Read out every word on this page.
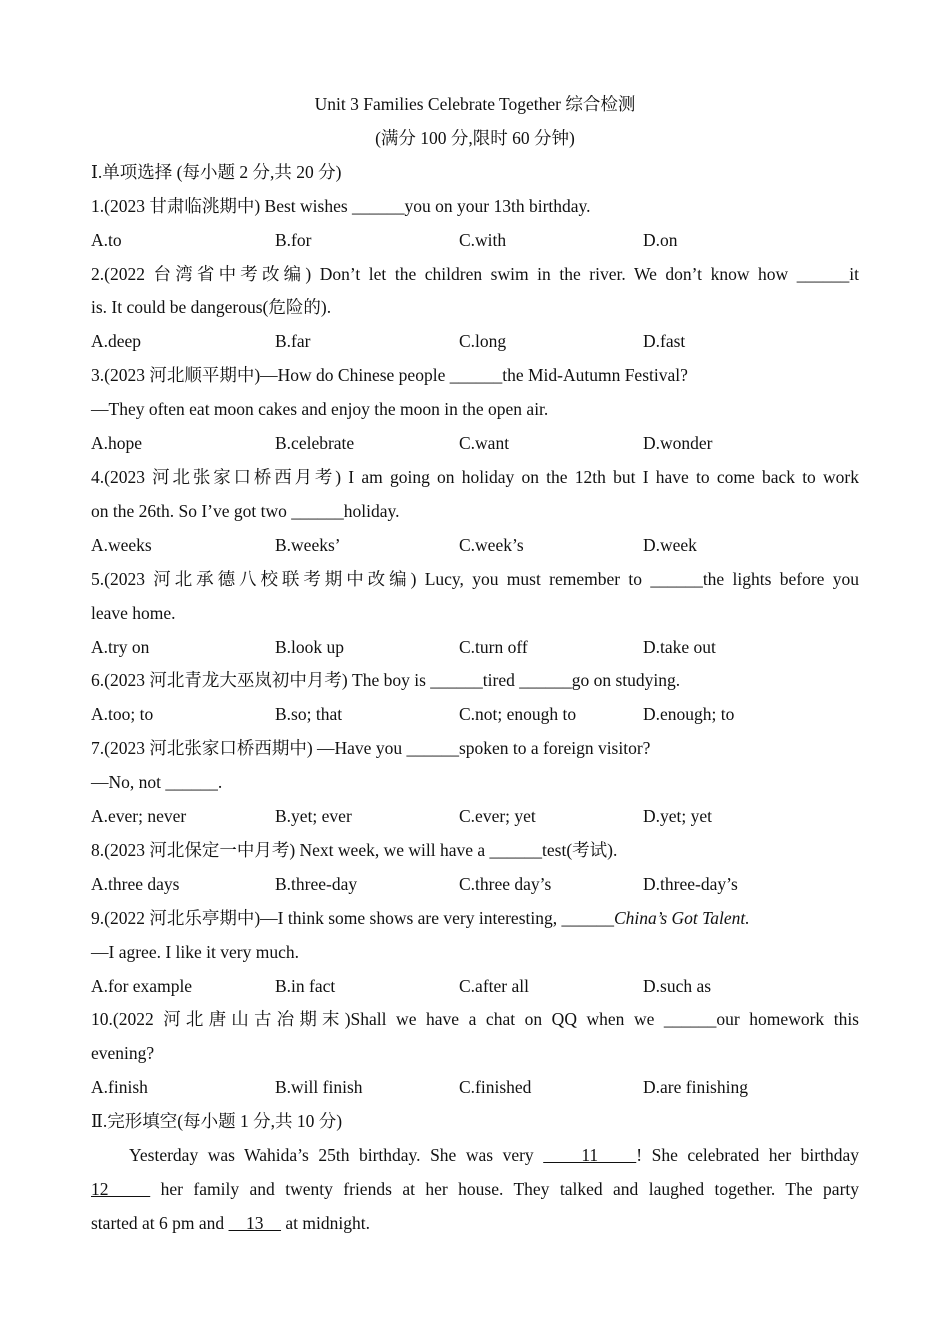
Unit 3 Families Celebrate Together 综合检测
(满分 100 分,限时 60 分钟)
Ⅰ.单项选择 (每小题 2 分,共 20 分)
1.(2023 甘肃临洮期中) Best wishes ______you on your 13th birthday.
A.to	B.for	C.with	D.on
2.(2022 台湾省中考改编) Don’t let the children swim in the river. We don’t know how ______it
is. It could be dangerous(危险的).
A.deep	B.far	C.long	D.fast
3.(2023 河北顺平期中)—How do Chinese people ______the Mid-Autumn Festival?
—They often eat moon cakes and enjoy the moon in the open air.
A.hope	B.celebrate	C.want	D.wonder
4.(2023 河北张家口桥西月考) I am going on holiday on the 12th but I have to come back to work
on the 26th. So I’ve got two ______holiday.
A.weeks	B.weeks’	C.week’s	D.week
5.(2023 河北承德八校联考期中改编) Lucy, you must remember to ______the lights before you
leave home.
A.try on	B.look up	C.turn off	D.take out
6.(2023 河北青龙大巫岚初中月考) The boy is ______tired ______go on studying.
A.too; to	B.so; that	C.not; enough to	D.enough; to
7.(2023 河北张家口桥西期中) —Have you ______spoken to a foreign visitor?
—No, not ______.
A.ever; never	B.yet; ever	C.ever; yet	D.yet; yet
8.(2023 河北保定一中月考) Next week, we will have a ______test(考试).
A.three days	B.three-day	C.three day’s	D.three-day’s
9.(2022 河北乐亭期中)—I think some shows are very interesting, ______China’s Got Talent.
—I agree. I like it very much.
A.for example	B.in fact	C.after all	D.such as
10.(2022 河北唐山古冶期末)Shall we have a chat on QQ when we ______our homework this
evening?
A.finish	B.will finish	C.finished	D.are finishing
Ⅱ.完形填空(每小题 1 分,共 10 分)
Yesterday was Wahida’s 25th birthday. She was very     11    ! She celebrated her birthday
12     her family and twenty friends at her house. They talked and laughed together. The party
started at 6 pm and     13     at midnight.
